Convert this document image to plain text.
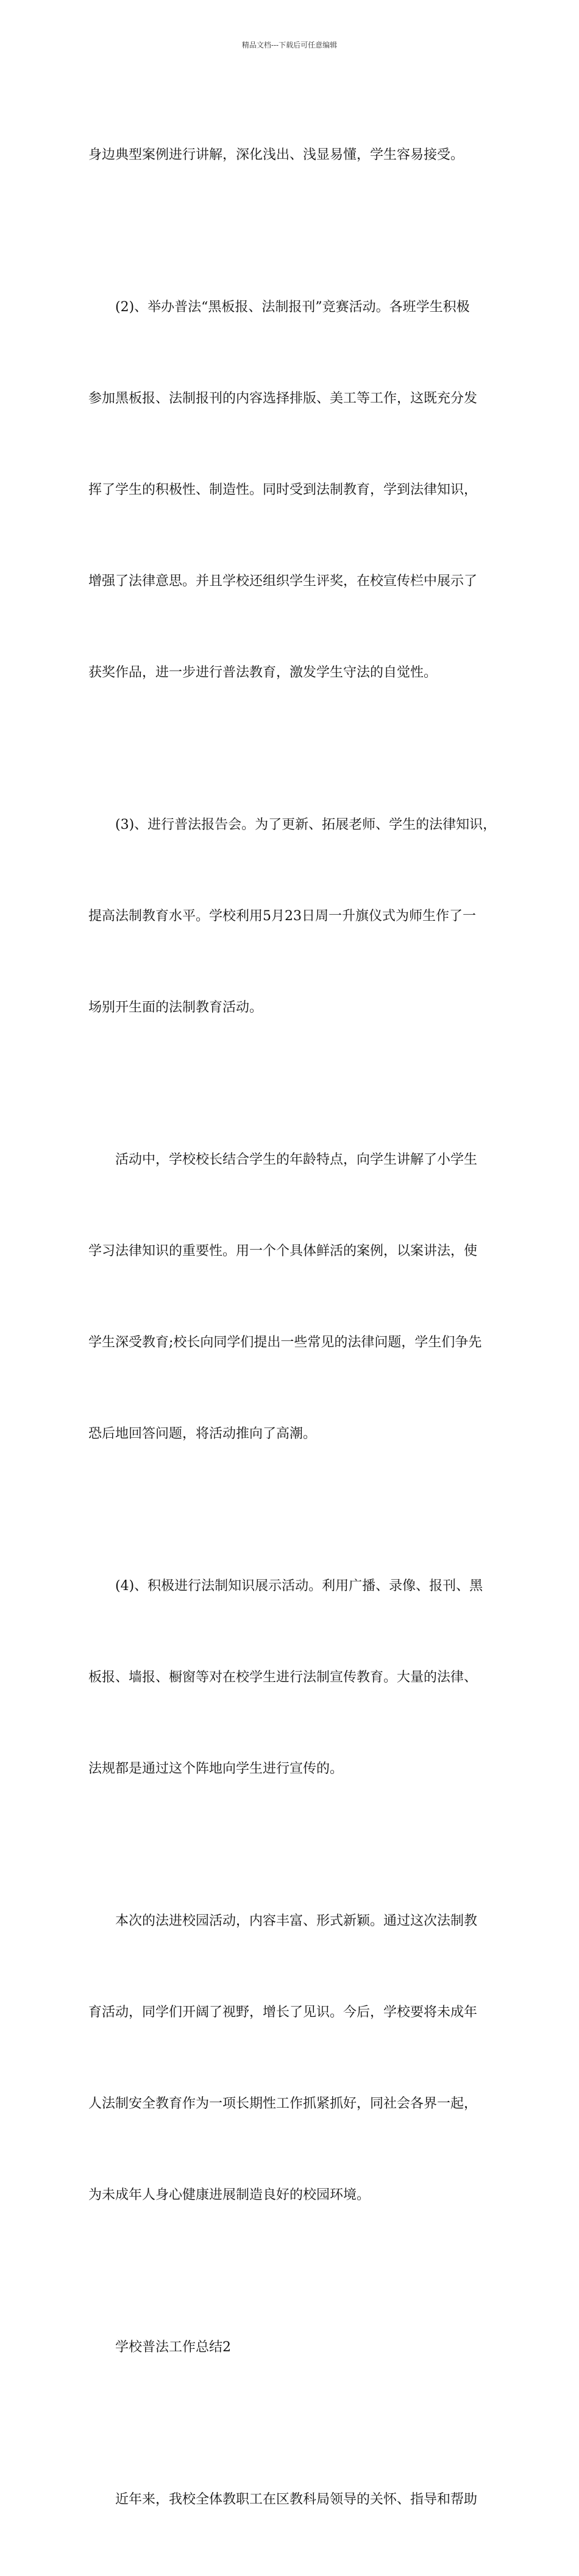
精品文档---下载后可任意编辑

身边典型案例进行讲解，深化浅出、浅显易懂，学生容易接受。

(2)、举办普法“黑板报、法制报刊”竞赛活动。各班学生积极

参加黑板报、法制报刊的内容选择排版、美工等工作，这既充分发

挥了学生的积极性、制造性。同时受到法制教育，学到法律知识，

增强了法律意思。并且学校还组织学生评奖，在校宣传栏中展示了

获奖作品，进一步进行普法教育，激发学生守法的自觉性。

(3)、进行普法报告会。为了更新、拓展老师、学生的法律知识，

提高法制教育水平。学校利用5月23日周一升旗仪式为师生作了一

场别开生面的法制教育活动。

活动中，学校校长结合学生的年龄特点，向学生讲解了小学生

学习法律知识的重要性。用一个个具体鲜活的案例，以案讲法，使

学生深受教育;校长向同学们提出一些常见的法律问题，学生们争先

恐后地回答问题，将活动推向了高潮。

(4)、积极进行法制知识展示活动。利用广播、录像、报刊、黑

板报、墙报、橱窗等对在校学生进行法制宣传教育。大量的法律、

法规都是通过这个阵地向学生进行宣传的。

本次的法进校园活动，内容丰富、形式新颖。通过这次法制教

育活动，同学们开阔了视野，增长了见识。今后，学校要将未成年

人法制安全教育作为一项长期性工作抓紧抓好，同社会各界一起，

为未成年人身心健康进展制造良好的校园环境。

学校普法工作总结2

近年来，我校全体教职工在区教科局领导的关怀、指导和帮助
